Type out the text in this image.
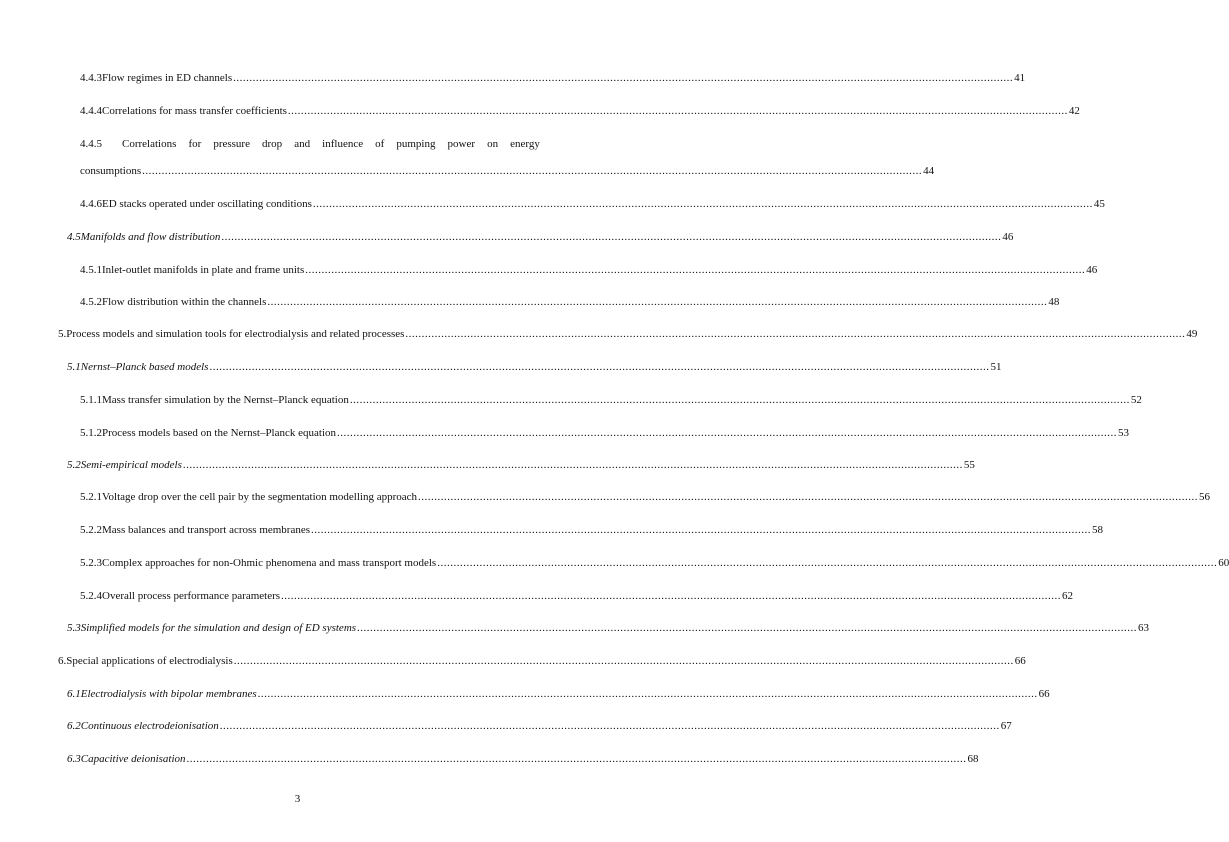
4.4.3 Flow regimes in ED channels .....	41
4.4.4 Correlations for mass transfer coefficients .....	42
4.4.5	Correlations for pressure drop and influence of pumping power on energy
consumptions .....	44
4.4.6 ED stacks operated under oscillating conditions .....	45
4.5 Manifolds and flow distribution .....	46
4.5.1 Inlet-outlet manifolds in plate and frame units .....	46
4.5.2 Flow distribution within the channels .....	48
5. Process models and simulation tools for electrodialysis and related processes .....	49
5.1 Nernst–Planck based models .....	51
5.1.1 Mass transfer simulation by the Nernst–Planck equation .....	52
5.1.2 Process models based on the Nernst–Planck equation .....	53
5.2 Semi-empirical models .....	55
5.2.1 Voltage drop over the cell pair by the segmentation modelling approach .....	56
5.2.2 Mass balances and transport across membranes .....	58
5.2.3 Complex approaches for non-Ohmic phenomena and mass transport models .....	60
5.2.4 Overall process performance parameters .....	62
5.3 Simplified models for the simulation and design of ED systems .....	63
6. Special applications of electrodialysis .....	66
6.1 Electrodialysis with bipolar membranes .....	66
6.2 Continuous electrodeionisation .....	67
6.3 Capacitive deionisation .....	68
3
